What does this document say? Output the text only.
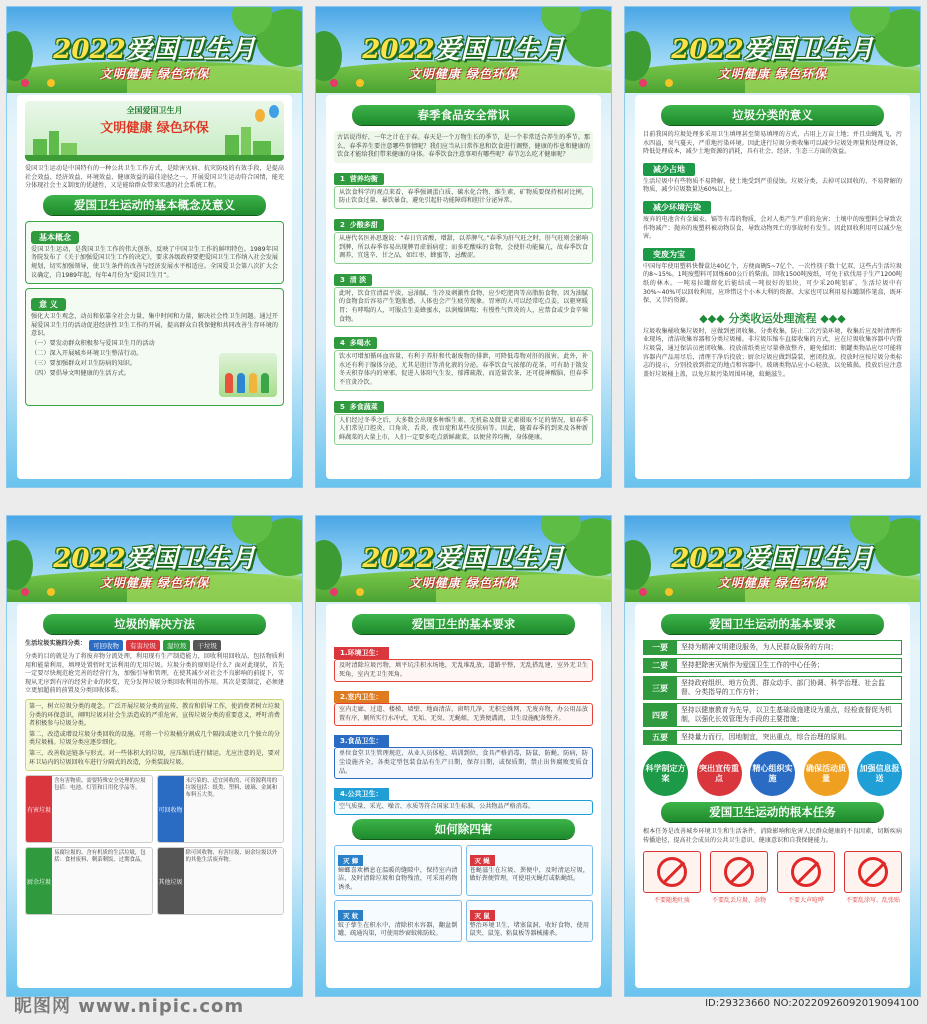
2022爱国卫生月
文明健康 绿色环保
全国爱国卫生月
文明健康 绿色环保

爱国卫生运动是中国特有的一种公共卫生工作方式，是除害灭病、抗灾防疫的有效手段，是提高社会效益、经济效益、环境效益、健康效益的最佳途径之一。开展爱国卫生运动符合国情，能充分体现社会主义制度的优越性，又是能给群众带来实惠的社会系统工程。

爱国卫生运动的基本概念及意义
基本概念

爱国卫生运动，是我国卫生工作的伟大创举，反映了中国卫生工作的鲜明特色。1989年国务院发布了《关于加强爱国卫生工作的决定》，要求各级政府要把爱国卫生工作纳入社会发展规划，切实加强领导，使卫生条件的改善与经济发展水平相适应。全国爱卫会第八次扩大会议确定，自1989年起，每年4月份为“爱国卫生月”。

意 义

强化大卫生观念，动员和依靠全社会力量，集中时间和力量，解决社会性卫生问题。通过开展爱国卫生月的活动促进经济性卫生工作的开展，提高群众自我保健和共同改善生存环境的意识。

（一）要发动群众积极参与爱国卫生月的活动
（二）深入开展城乡环境卫生整洁行动。
（三）要加强群众对卫生防病的知识。
（四）要倡导文明健康的生活方式。
2022爱国卫生月
文明健康 绿色环保
春季食品安全常识

古话说得好，一年之计在于春。春天是一个万物生长的季节，是一个非常适合养生的季节。那么，春季养生要注意哪些事情呢？我们应当从日常作息和饮食进行调整，健康的作息和健康的饮食才能给我们带来健康的身体。春季饮食注意事项有哪些呢？春节怎么吃才健康呢？

1 营养均衡

从饮食科学的观点来看，春季强调蛋白质、碳水化合物、维生素、矿物质要保持相对比例，防止饮食过量、暴饮暴食，避免引起肝功能障碍和胆汁分泌异常。

2 少酸多甜

从唐代名医孙思邈说：“春日宜省酸，增甜，以养脾气。”春季为肝气旺之时，肝气旺则会影响到脾，所以春季容易出现脾胃虚弱病症；而多吃酸味的食物，会使肝功能偏亢，故春季饮食调养，宜选辛、甘之品，如红枣、蜂蜜等，忌酸涩。

3 清 淡

此时，饮食宜清温平淡，忌油腻、生冷及刺激性食物，应少吃肥肉等高脂肪食物，因为油腻的食物食后容易产生饱胀感，人体也会产生疲劳现象。胃寒的人可以经常吃点姜，以驱寒暖胃；有哮喘的人，可服点生姜蜂蜜水，以润燥镇喘；有慢性气管炎的人，应禁食或少食辛辣食物。

4 多喝水

饮水可增加循环血容量，有利于养肝和代谢废物的排泄，可降低毒物对肝的损害。此外，补水还有利于腺体分泌，尤其是胆汁等消化液的分泌。春季饮食气浓郁的花茶，可有助于散发冬天积存体内的寒邪，促进人体阳气生发，郁滞疏散，而适量饮茶，还可提神醒脑，但春季不宜贪冷饮。

5 多食蔬菜

人们经过冬季之后，大多数会出现多种维生素、无机盐及微量元素摄取不足的情况，如春季人们常见口腔炎、口角炎、舌炎、夜盲症和某些皮肤病等。因此，随着春季的到来及各种新鲜蔬菜的大量上市，人们一定要多吃点新鲜蔬菜，以便营养均衡，身体健康。

2022爱国卫生月
文明健康 绿色环保
垃圾分类的意义

目前我国的垃圾处理多采用卫生填埋甚至简易填埋的方式，占用上万亩土地；并且虫蝇乱飞，污水四溢，臭气蔓天，严重地污染环境。因此进行垃圾分类收集可以减少垃圾处理量和处理设备，降低处理成本，减少土地资源的消耗，具有社会、经济、生态三方面的效益。

减少占地

生活垃圾中有些物质不易降解，使土地受到严重侵蚀。垃圾分类，去掉可以回收的、不易降解的物质，减少垃圾数量达60%以上。

减少环境污染

废弃的电池含有金属汞、镉等有毒的物质，会对人类产生严重的危害；土壤中的废塑料会导致农作物减产；抛弃的废塑料被动物误食，导致动物死亡的事故时有发生。因此回收利用可以减少危害。

变废为宝

中国每年使用塑料快餐盒达40亿个，方便面碗5~7亿个，一次性筷子数十亿双，这些占生活垃圾的8~15%。1吨废塑料可回炼600公斤的柴油。回收1500吨废纸，可免于砍伐用于生产1200吨纸的林木。一吨易拉罐熔化后能结成一吨很好的铝块，可少采20吨铝矿。生活垃圾中有30%~40%可以回收利用，应珍惜这个小本大利的资源。大家也可以利用易拉罐制作笔盒，既环保，又节约资源。

◆◆◆ 分类收运处理流程 ◆◆◆

垃圾收集桶收集垃圾时，应做到密闭收集、分类收集，防止二次污染环境，收集后应及时清理作业现场，清洁收集容器和分类垃圾桶。非垃圾压缩车直接收集的方式，应在垃圾收集容器中内置垃圾袋，通过保洁员密闭收集。投放前纸类应尽量叠放整齐，避免揉团；瓶罐类物品应尽可能将容器内产品用尽后，清理干净后投放；厨余垃圾应做到袋装、密闭投放。投放时应按垃圾分类标志的提示，分别投放到指定的地点和容器中。玻璃类物品应小心轻放，以免破损。投放后应注意盖好垃圾桶上盖，以免垃圾污染周围环境，蚊蝇滋生。

2022爱国卫生月
文明健康 绿色环保
垃圾的解决方法
生活垃圾实施四分类：	可回收物	有害垃圾	湿垃圾	干垃圾

分类的目的就是为了将废弃物分流处理，利用现有生产制造能力，回收利用回收品，包括物质利用和能量利用，填埋处置暂时无法利用的无用垃圾。垃圾分类的原则是什么？面对此现状，首先一定要尽快规范抢完善的经营行为，加强引导和管理，在使其减少对社会不良影响的前提下，实现从无序到有序的经营企业的转变，充分发挥垃圾分类回收利用的作用。其次是要制定，必须建立更加超前的前置及分类回收体系。

第一，树立垃圾分类的观念。广泛开展垃圾分类的宣传、教育和倡导工作，使消费者树立垃圾分类的环保意识，阐明垃圾对社会生活造成的严重危害，宣传垃圾分类的重要意义，呼吁消费者积极参与垃圾分类。

第二，改造或增设垃圾分类回收的设施。可将一个垃圾桶分割成几个隔段或建立几个独立的分类垃圾桶。垃圾分类应逐步细化。

第三，改善收运链条与形式。对一些体积大的垃圾，应压缩后进行储运。尤应注意的是，要对环卫局内的垃圾回收车进行分隔式的改造，分类装载垃圾。

有害垃圾
含有害物质、需要特殊安全处理的垃圾包括：电池、灯管和日用化学品等。
可回收物
未污染的、适宜回收的、可资源利用的垃圾包括：纸类、塑料、玻璃、金属和布料五大类。
厨余垃圾
易腐垃圾的、含有机质的生活垃圾，包括：食材废料、剩菜剩饭、过期食品。
其他垃圾
除可回收物、有害垃圾、厨余垃圾以外的其他生活废弃物。
2022爱国卫生月
文明健康 绿色环保
爱国卫生的基本要求
1.环境卫生：

及时清除垃圾污物，填平坑洼积水场地，无乱堆乱放，道路平整，无乱搭乱建，室外无卫生死角，室内无卫生死角。

2.室内卫生：

室内走廊、过道、楼梯、墙壁、地面清洁，窗明几净，无积尘蛛网，无废弃物，办公用品放置有序，厕所实行水冲式，无垢、无臭、无蝇蛆，无粪便溝流，卫生设施配备整齐。

3.食品卫生：

单位食堂卫生管理规范，从业人员体检、培训到位，食具严格消毒，防鼠、防蝇、防病，防尘设施齐全，各类定型包装食品有生产日期，保存日期，或保质期，禁止出售腐败变质食品。

4.公共卫生：

空气质量、采光、噪音、水质等符合国家卫生标准，公共物品严格消毒。

如何除四害
灭 蟑

蟑螂喜欢栖息在温暖的缝隙中，保持室内清洁，及时清除垃圾和食物残渣，可采用药物诱杀。

灭 蝇

苍蝇滋生在垃圾、粪便中，及时清运垃圾，做好粪便管理，可使用灭蝇灯或粘蝇纸。

灭 蚊

蚊子孳生在积水中，清除积水容器，翻盆倒罐，疏通沟渠，可使用纱窗蚊帐防蚊。

灭 鼠

整治环境卫生，堵塞鼠洞，收好食物，使用鼠夹、鼠笼、粘鼠板等器械捕杀。

2022爱国卫生月
文明健康 绿色环保
爱国卫生运动的基本要求
一要	坚持为精神文明建设服务，为人民群众服务的方向；
二要	坚持把除害灭病作为爱国卫生工作的中心任务；
三要
坚持政府组织、地方负责、群众动手、部门协调、科学治理、社会监督、分类指导的工作方针；
四要
坚持以健康教育为先导，以卫生基础设施建设为重点，经检查督促为机制，以强化长效管理为手段的主要措施；
五要	坚持量力而行，因地制宜，突出重点，综合治理的原则。
科学制定方案
突出宣传重点
精心组织实施
确保活动质量
加强信息报送
爱国卫生运动的根本任务

根本任务是改善城乡环境卫生和生活条件，消除影响和危害人民群众健康的不良因素，切断疾病传播途径，提高社会成员的公共卫生意识、健康意识和自我保健能力。

不要随地吐痰	不要乱丢垃圾、杂物	不要大声喧哗	不要乱涂写、乱张贴
昵图网 www.nipic.com	ID:29323660 NO:20220926092019094100
